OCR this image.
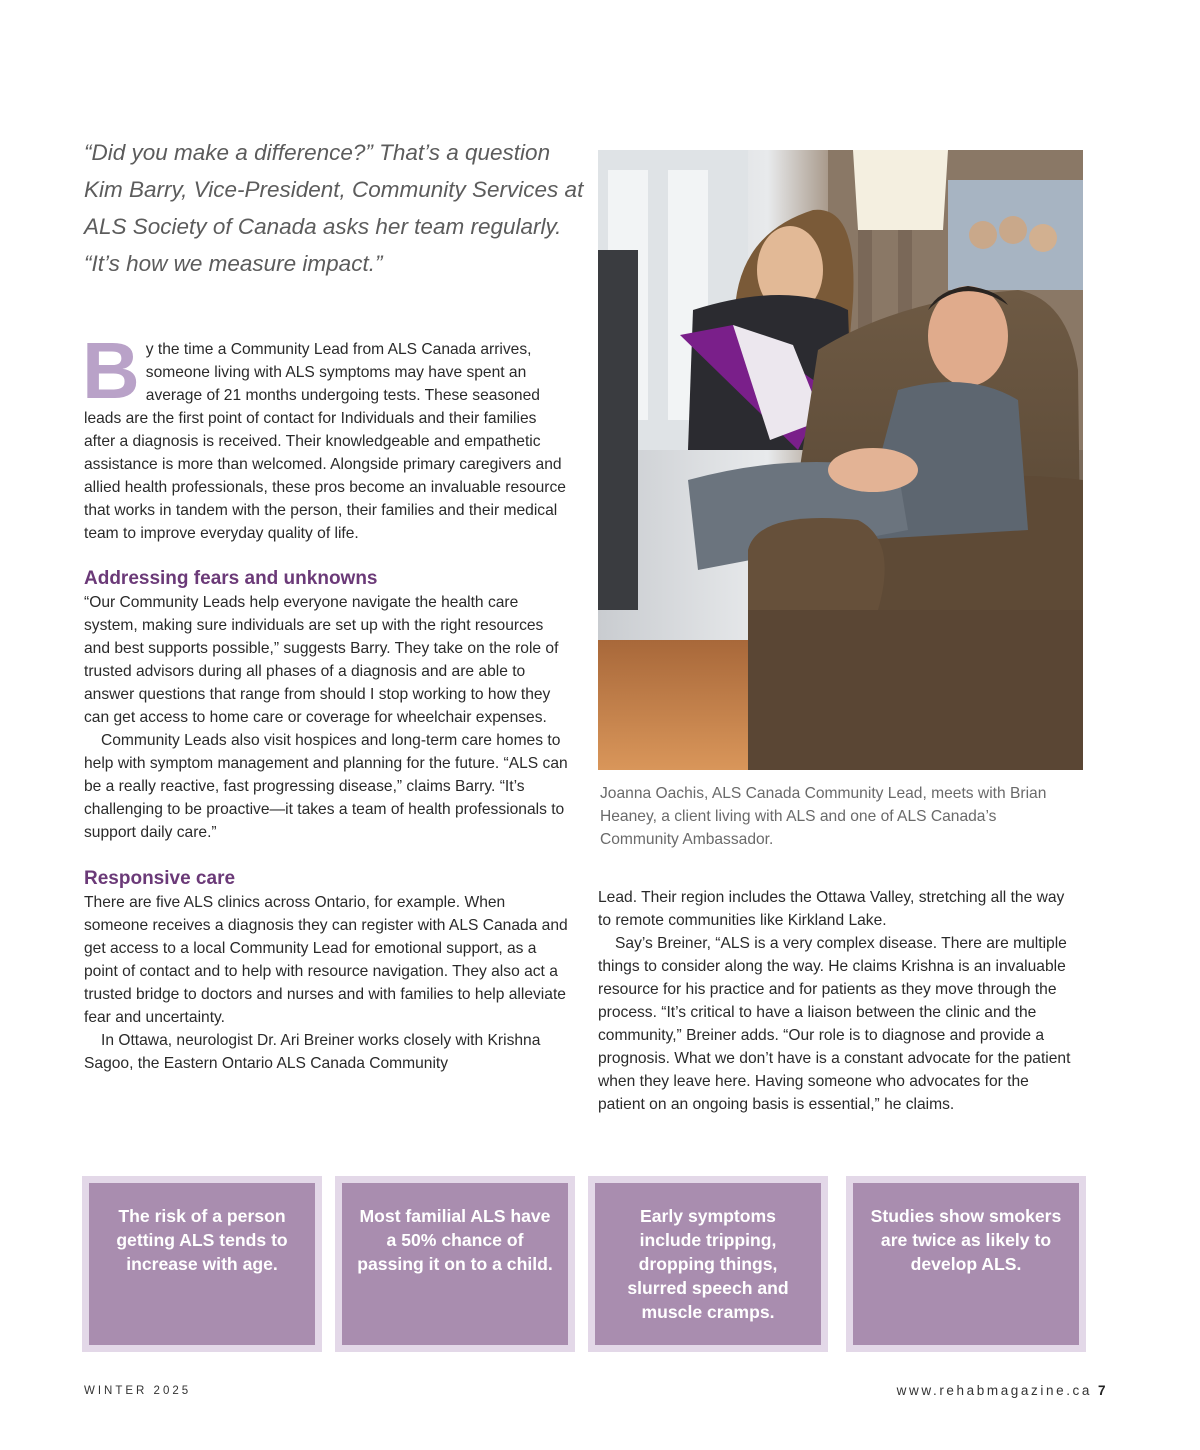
“Did you make a difference?” That’s a question Kim Barry, Vice-President, Community Services at ALS Society of Canada asks her team regularly. “It’s how we measure impact.”

By the time a Community Lead from ALS Canada arrives, someone living with ALS symptoms may have spent an average of 21 months undergoing tests. These seasoned leads are the first point of contact for Individuals and their families after a diagnosis is received. Their knowledgeable and empathetic assistance is more than welcomed. Alongside primary caregivers and allied health professionals, these pros become an invaluable resource that works in tandem with the person, their families and their medical team to improve everyday quality of life.

Addressing fears and unknowns

“Our Community Leads help everyone navigate the health care system, making sure individuals are set up with the right resources and best supports possible,” suggests Barry. They take on the role of trusted advisors during all phases of a diagnosis and are able to answer questions that range from should I stop working to how they can get access to home care or coverage for wheelchair expenses.

Community Leads also visit hospices and long-term care homes to help with symptom management and planning for the future. “ALS can be a really reactive, fast progressing disease,” claims Barry. “It’s challenging to be proactive—it takes a team of health professionals to support daily care.”

Responsive care

There are five ALS clinics across Ontario, for example. When someone receives a diagnosis they can register with ALS Canada and get access to a local Community Lead for emotional support, as a point of contact and to help with resource navigation. They also act a trusted bridge to doctors and nurses and with families to help alleviate fear and uncertainty.

In Ottawa, neurologist Dr. Ari Breiner works closely with Krishna Sagoo, the Eastern Ontario ALS Canada Community

Joanna Oachis, ALS Canada Community Lead, meets with Brian Heaney, a client living with ALS and one of ALS Canada’s Community Ambassador.

Lead. Their region includes the Ottawa Valley, stretching all the way to remote communities like Kirkland Lake.

Say’s Breiner, “ALS is a very complex disease. There are multiple things to consider along the way. He claims Krishna is an invaluable resource for his practice and for patients as they move through the process. “It’s critical to have a liaison between the clinic and the community,” Breiner adds. “Our role is to diagnose and provide a prognosis. What we don’t have is a constant advocate for the patient when they leave here. Having someone who advocates for the patient on an ongoing basis is essential,” he claims.

The risk of a person getting ALS tends to increase with age.
Most familial ALS have a 50% chance of passing it on to a child.
Early symptoms include tripping, dropping things, slurred speech and muscle cramps.
Studies show smokers are twice as likely to develop ALS.
WINTER 2025	www.rehabmagazine.ca 7
